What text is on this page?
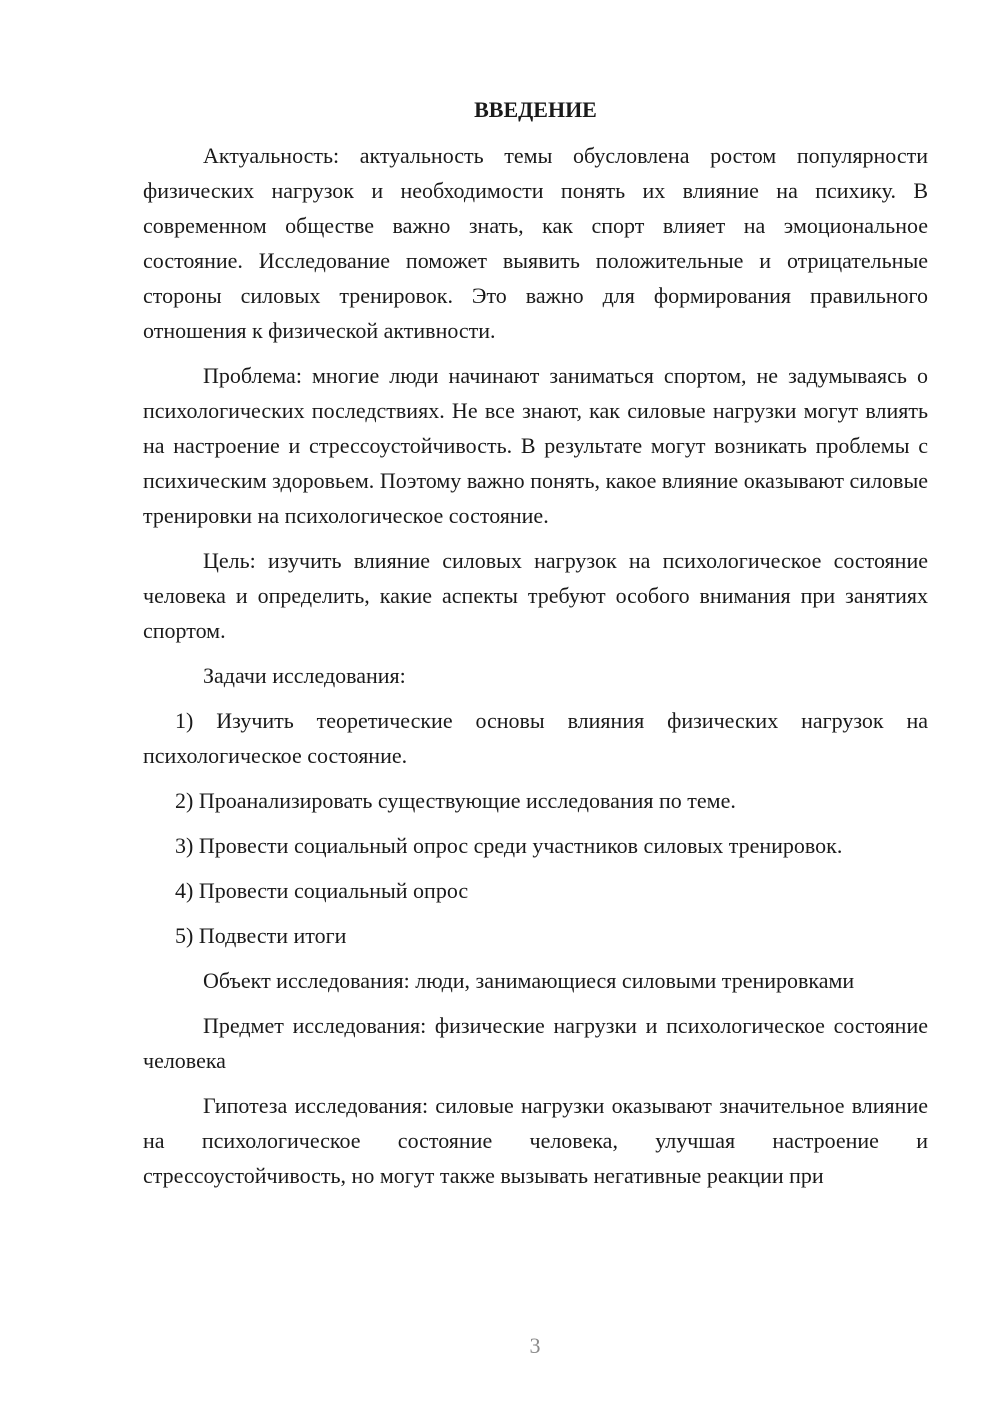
ВВЕДЕНИЕ

Актуальность: актуальность темы обусловлена ростом популярности физических нагрузок и необходимости понять их влияние на психику. В современном обществе важно знать, как спорт влияет на эмоциональное состояние. Исследование поможет выявить положительные и отрицательные стороны силовых тренировок. Это важно для формирования правильного отношения к физической активности.

Проблема: многие люди начинают заниматься спортом, не задумываясь о психологических последствиях. Не все знают, как силовые нагрузки могут влиять на настроение и стрессоустойчивость. В результате могут возникать проблемы с психическим здоровьем. Поэтому важно понять, какое влияние оказывают силовые тренировки на психологическое состояние.

Цель: изучить влияние силовых нагрузок на психологическое состояние человека и определить, какие аспекты требуют особого внимания при занятиях спортом.

Задачи исследования:

1) Изучить теоретические основы влияния физических нагрузок на психологическое состояние.

2) Проанализировать существующие исследования по теме.

3) Провести социальный опрос среди участников силовых тренировок.

4) Провести социальный опрос

5) Подвести итоги

Объект исследования: люди, занимающиеся силовыми тренировками

Предмет исследования: физические нагрузки и психологическое состояние человека

Гипотеза исследования: силовые нагрузки оказывают значительное влияние на психологическое состояние человека, улучшая настроение и стрессоустойчивость, но могут также вызывать негативные реакции при

3
